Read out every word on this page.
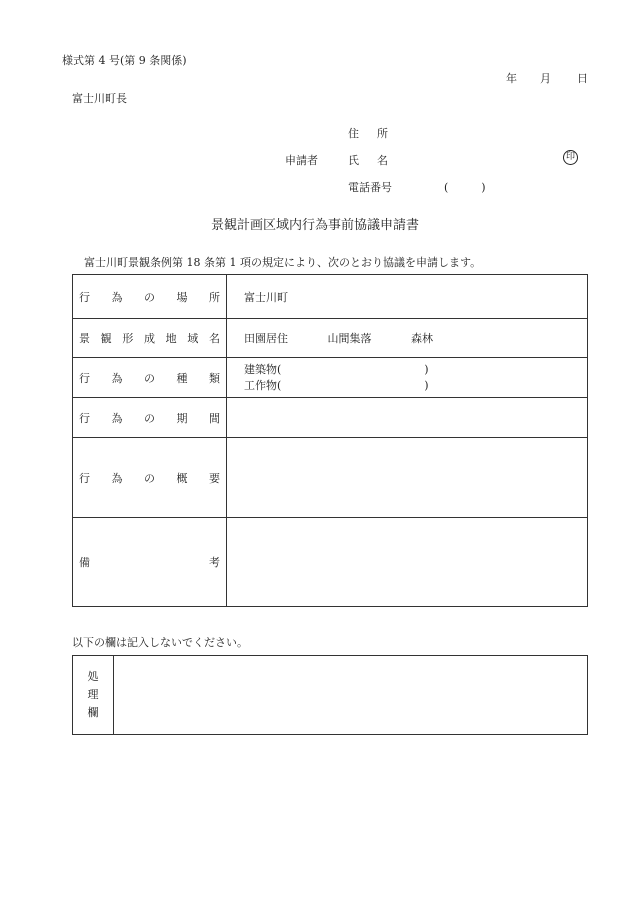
様式第 4 号(第 9 条関係)
年 月 日
富士川町長
住所
申請者	氏名	印
電話番号	(　　　)
景観計画区域内行為事前協議申請書
富士川町景観条例第 18 条第 1 項の規定により、次のとおり協議を申請します。
行為の場所	富士川町
景観形成地域名	田園居住 山間集落 森林
行為の種類	建築物(　　　　　　　　　　　　　)
工作物(　　　　　　　　　　　　　)

行為の期間	
行為の概要	
備考	
以下の欄は記入しないでください。
処
理
欄
